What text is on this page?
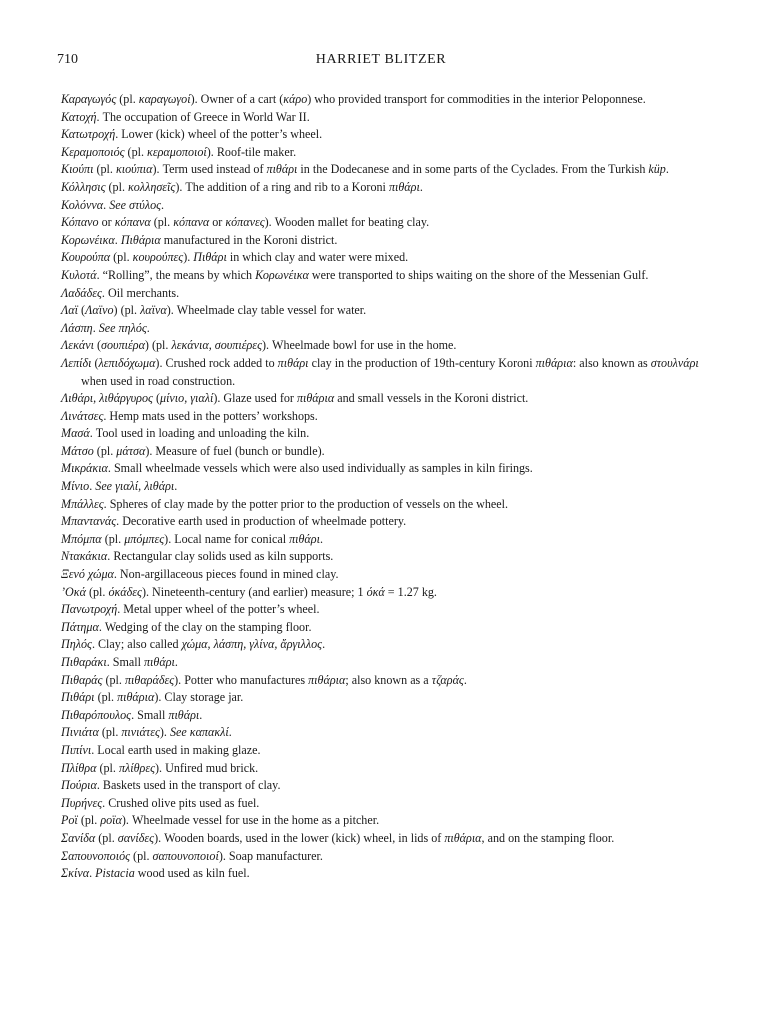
710	HARRIET BLITZER

Καραγωγός (pl. καραγωγοί). Owner of a cart (κάρο) who provided transport for commodities in the interior Peloponnese.

Κατοχή. The occupation of Greece in World War II.

Κατωτροχή. Lower (kick) wheel of the potter’s wheel.

Κεραμοποιός (pl. κεραμοποιοί). Roof-tile maker.

Κιούπι (pl. κιούπια). Term used instead of πιθάρι in the Dodecanese and in some parts of the Cyclades. From the Turkish küp.

Κόλλησις (pl. κολλησεῖς). The addition of a ring and rib to a Koroni πιθάρι.

Κολόννα. See στύλος.

Κόπανο or κόπανα (pl. κόπανα or κόπανες). Wooden mallet for beating clay.

Κορωνέικα. Πιθάρια manufactured in the Koroni district.

Κουρούπα (pl. κουρούπες). Πιθάρι in which clay and water were mixed.

Κυλοτά. “Rolling”, the means by which Κορωνέικα were transported to ships waiting on the shore of the Messenian Gulf.

Λαδάδες. Oil merchants.

Λαϊ (Λαϊνο) (pl. λαϊνα). Wheelmade clay table vessel for water.

Λάσπη. See πηλός.

Λεκάνι (σουπιέρα) (pl. λεκάνια, σουπιέρες). Wheelmade bowl for use in the home.

Λεπίδι (λεπιδόχωμα). Crushed rock added to πιθάρι clay in the production of 19th-century Koroni πιθάρια: also known as στουλνάρι when used in road construction.

Λιθάρι, λιθάργυρος (μίνιο, γιαλί). Glaze used for πιθάρια and small vessels in the Koroni district.

Λινάτσες. Hemp mats used in the potters’ workshops.

Μασά. Tool used in loading and unloading the kiln.

Μάτσο (pl. μάτσα). Measure of fuel (bunch or bundle).

Μικράκια. Small wheelmade vessels which were also used individually as samples in kiln firings.

Μίνιο. See γιαλί, λιθάρι.

Μπάλλες. Spheres of clay made by the potter prior to the production of vessels on the wheel.

Μπαντανάς. Decorative earth used in production of wheelmade pottery.

Μπόμπα (pl. μπόμπες). Local name for conical πιθάρι.

Νταкάκια. Rectangular clay solids used as kiln supports.

Ξενό χώμα. Non-argillaceous pieces found in mined clay.

’Οκά (pl. όκάδες). Nineteenth-century (and earlier) measure; 1 όκά = 1.27 kg.

Πανωτροχή. Metal upper wheel of the potter’s wheel.

Πάτημα. Wedging of the clay on the stamping floor.

Πηλός. Clay; also called χώμα, λάσπη, γλίνα, ἄργιλλος.

Πιθαράκι. Small πιθάρι.

Πιθαράς (pl. πιθαράδες). Potter who manufactures πιθάρια; also known as a τζαράς.

Πιθάρι (pl. πιθάρια). Clay storage jar.

Πιθαρόπουλος. Small πιθάρι.

Πινιάτα (pl. πινιάτες). See καπακλί.

Πιπίνι. Local earth used in making glaze.

Πλίθρα (pl. πλίθρες). Unfired mud brick.

Πούρια. Baskets used in the transport of clay.

Πυρήνες. Crushed olive pits used as fuel.

Ροϊ (pl. ροϊα). Wheelmade vessel for use in the home as a pitcher.

Σανίδα (pl. σανίδες). Wooden boards, used in the lower (kick) wheel, in lids of πιθάρια, and on the stamping floor.

Σαπουνοποιός (pl. σαπουνοποιοί). Soap manufacturer.

Σκίνα. Pistacia wood used as kiln fuel.
